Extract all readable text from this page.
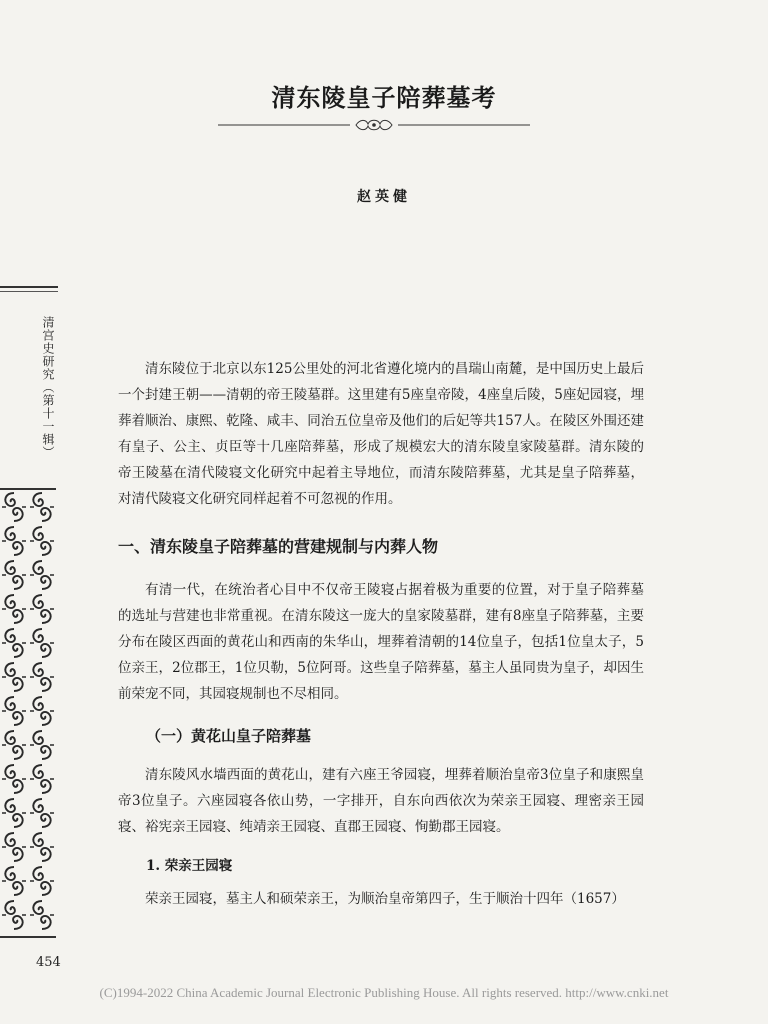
清宫史研究（第十一辑）
清东陵皇子陪葬墓考
赵英健

清东陵位于北京以东125公里处的河北省遵化境内的昌瑞山南麓，是中国历史上最后一个封建王朝——清朝的帝王陵墓群。这里建有5座皇帝陵，4座皇后陵，5座妃园寝，埋葬着顺治、康熙、乾隆、咸丰、同治五位皇帝及他们的后妃等共157人。在陵区外围还建有皇子、公主、贞臣等十几座陪葬墓，形成了规模宏大的清东陵皇家陵墓群。清东陵的帝王陵墓在清代陵寝文化研究中起着主导地位，而清东陵陪葬墓，尤其是皇子陪葬墓，对清代陵寝文化研究同样起着不可忽视的作用。

一、清东陵皇子陪葬墓的营建规制与内葬人物

有清一代，在统治者心目中不仅帝王陵寝占据着极为重要的位置，对于皇子陪葬墓的选址与营建也非常重视。在清东陵这一庞大的皇家陵墓群，建有8座皇子陪葬墓，主要分布在陵区西面的黄花山和西南的朱华山，埋葬着清朝的14位皇子，包括1位皇太子，5位亲王，2位郡王，1位贝勒，5位阿哥。这些皇子陪葬墓，墓主人虽同贵为皇子，却因生前荣宠不同，其园寝规制也不尽相同。

（一）黄花山皇子陪葬墓

清东陵风水墙西面的黄花山，建有六座王爷园寝，埋葬着顺治皇帝3位皇子和康熙皇帝3位皇子。六座园寝各依山势，一字排开，自东向西依次为荣亲王园寝、理密亲王园寝、裕宪亲王园寝、纯靖亲王园寝、直郡王园寝、恂勤郡王园寝。

1. 荣亲王园寝

荣亲王园寝，墓主人和硕荣亲王，为顺治皇帝第四子，生于顺治十四年（1657）

454
(C)1994-2022 China Academic Journal Electronic Publishing House. All rights reserved. http://www.cnki.net
